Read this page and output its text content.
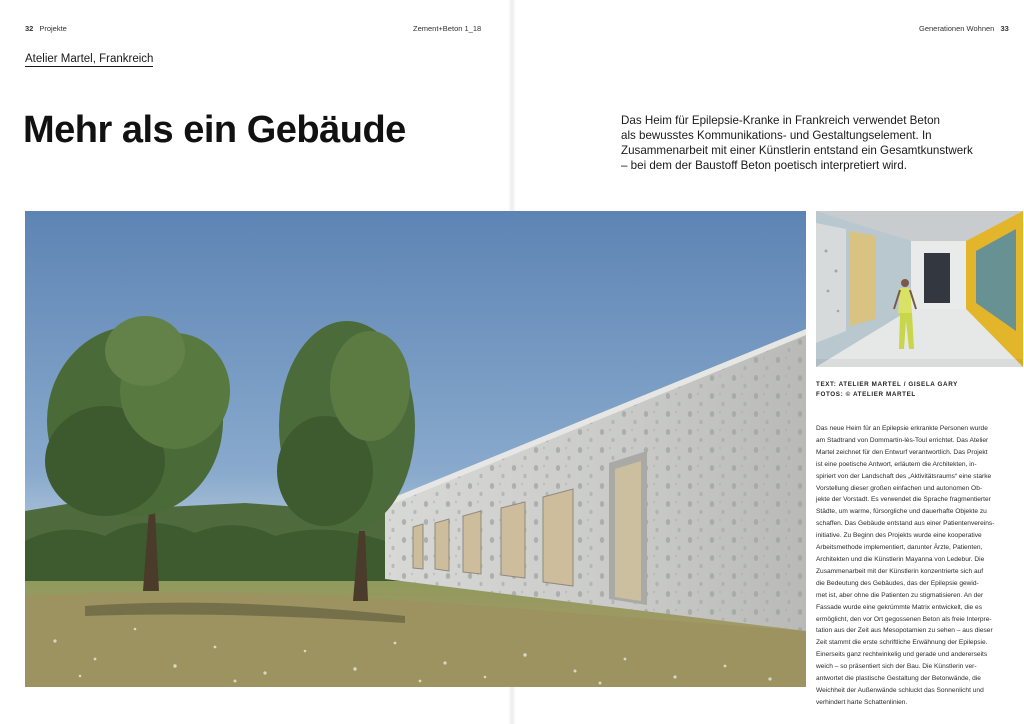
32 Projekte	Zement+Beton 1_18	Generationen Wohnen 33
Atelier Martel, Frankreich
Mehr als ein Gebäude	Das Heim für Epilepsie-Kranke in Frankreich verwendet Beton
als bewusstes Kommunikations- und Gestaltungselement. In
Zusammenarbeit mit einer Künstlerin entstand ein Gesamtkunstwerk
– bei dem der Baustoff Beton poetisch interpretiert wird.
TEXT: ATELIER MARTEL / GISELA GARY
FOTOS: © ATELIER MARTEL
Das neue Heim für an Epilepsie erkrankte Personen wurde
am Stadtrand von Dommartin-lès-Toul errichtet. Das Atelier
Martel zeichnet für den Entwurf verantwortlich. Das Projekt
ist eine poetische Antwort, erläutern die Architekten, in-
spiriert von der Landschaft des „Aktivitätsraums“ eine starke
Vorstellung dieser großen einfachen und autonomen Ob-
jekte der Vorstadt. Es verwendet die Sprache fragmentierter
Städte, um warme, fürsorgliche und dauerhafte Objekte zu
schaffen. Das Gebäude entstand aus einer Patientenvereins-
initiative. Zu Beginn des Projekts wurde eine kooperative
Arbeitsmethode implementiert, darunter Ärzte, Patienten,
Architekten und die Künstlerin Mayanna von Ledebur. Die
Zusammenarbeit mit der Künstlerin konzentrierte sich auf
die Bedeutung des Gebäudes, das der Epilepsie gewid-
met ist, aber ohne die Patienten zu stigmatisieren. An der
Fassade wurde eine gekrümmte Matrix entwickelt, die es
ermöglicht, den vor Ort gegossenen Beton als freie Interpre-
tation aus der Zeit aus Mesopotamien zu sehen – aus dieser
Zeit stammt die erste schriftliche Erwähnung der Epilepsie.
Einerseits ganz rechtwinkelig und gerade und andererseits
weich – so präsentiert sich der Bau. Die Künstlerin ver-
antwortet die plastische Gestaltung der Betonwände, die
Weichheit der Außenwände schluckt das Sonnenlicht und
verhindert harte Schattenlinien.
